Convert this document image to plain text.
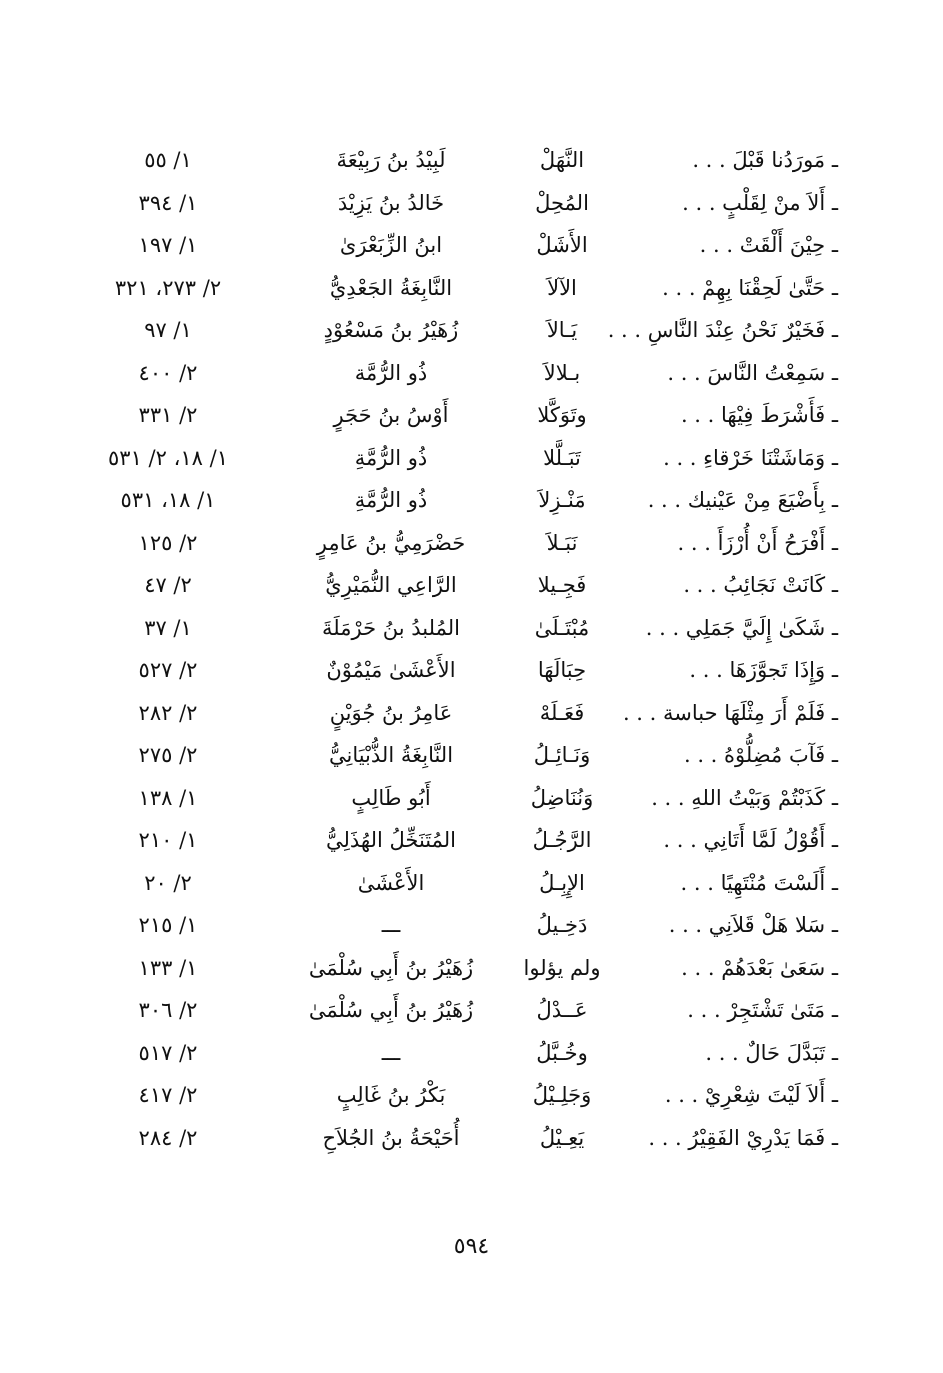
ـ مَورَدُنا قَبْلَ . . .
النَّهَلْ
لَبِيْدُ بنُ رَبِيْعَةَ
١/ ٥٥
ـ أَلاَ منْ لِقَلْبٍ . . .
المُحِلْ
خَالدُ بنُ يَزِيْدَ
١/ ٣٩٤
ـ حِيْنَ أَلْقَتْ . . .
الأَشَلْ
ابنُ الزِّبَعْرَىٰ
١/ ١٩٧
ـ حَتَّىٰ لَحِقْنَا بِهِمْ . . .
الآلاَ
النَّابِغَةُ الجَعْدِيُّ
٢/ ٢٧٣، ٣٢١
ـ فَخَيْرٌ نَحْنُ عِنْدَ النَّاسِ . . .
يَـالاَ
زُهَيْرُ بنُ مَسْعُوْدٍ
١/ ٩٧
ـ سَمِعْتُ النَّاسَ . . .
بـلالاَ
ذُو الرُّمَّة
٢/ ٤٠٠
ـ فَأَشْرَطَ فِيْهَا . . .
وتَوَكَّلا
أَوْسُ بنُ حَجَرٍ
٢/ ٣٣١
ـ وَمَاشَتْنَا خَرْقاءِ . . .
تَبَـلَّلا
ذُو الرُّمَّةِ
١/ ١٨، ٢/ ٥٣١
ـ بِأَضْيَعَ مِنْ عَيْنيك . . .
مَنْـزِلاَ
ذُو الرُّمَّةِ
١/ ١٨، ٥٣١
ـ أَفْرَحُ أَنْ أُرْزَأَ . . .
نَبَـلاَ
حَضْرَمِيُّ بنُ عَامِرٍ
٢/ ١٢٥
ـ كَانَتْ نَجَائِبُ . . .
فَجِـيلا
الرَّاعِي النُّمَيْرِيُّ
٢/ ٤٧
ـ شَكَىٰ إِلَيَّ جَمَلِي . . .
مُبْتَـلَىٰ
المُلبدُ بنُ حَرْمَلَةَ
١/ ٣٧
ـ وَإِذَا تَجوَّزَهَا . . .
حِبَالَهَا
الأَعْشَىٰ مَيْمُوْنٌ
٢/ ٥٢٧
ـ فَلَمْ أَرَ مِثْلَهَا حباسة . . .
فَعَـلَهْ
عَامِرُ بنُ جُوَيْنٍ
٢/ ٢٨٢
ـ فَآبَ مُضِلُّوْهُ . . .
وَنَـائِـلُ
النَّابِغَةُ الذُّبْيَانِيُّ
٢/ ٢٧٥
ـ كَذَبْتُمْ وَبَيْتُ اللهِ . . .
وَنُنَاضِلُ
أَبُو طَالِبٍ
١/ ١٣٨
ـ أَقُوْلُ لَمَّا أَتَانِي . . .
الرَّجُـلُ
المُتَنَخِّلُ الهُذَلِيُّ
١/ ٢١٠
ـ أَلَسْتَ مُنْتَهِيًا . . .
الإِبِـلُ
الأَعْشَىٰ
٢/ ٢٠
ـ سَلا هَلْ قَلاَنِي . . .
دَخِـيلُ
ـــ
١/ ٢١٥
ـ سَعَىٰ بَعْدَهُمْ . . .
ولم يؤلوا
زُهَيْرُ بنُ أَبِي سُلْمَىٰ
١/ ١٣٣
ـ مَتَىٰ تَشْتَجِرْ . . .
عَــدْلُ
زُهَيْرُ بنُ أَبِي سُلْمَىٰ
٢/ ٣٠٦
ـ تَبَدَّلَ حَالٌ . . .
وخُـبَّلُ
ـــ
٢/ ٥١٧
ـ أَلاَ لَيْتَ شِعْرِيْ . . .
وَجَلِـيْلُ
بَكْرُ بنُ غَالِبٍ
٢/ ٤١٧
ـ فَمَا يَدْرِيْ الفَقِيْرُ . . .
يَعِـيْلُ
أُحَيْحَةُ بنُ الجُلاَحِ
٢/ ٢٨٤
٥٩٤
